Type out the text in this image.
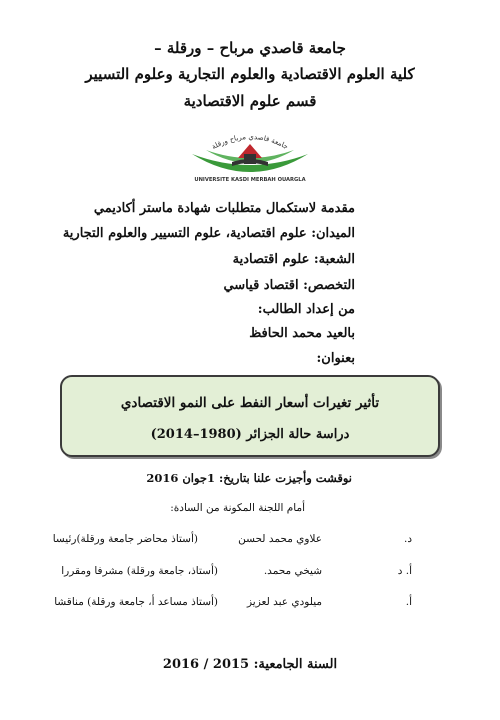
جامعة قاصدي مرباح – ورقلة –
كلية العلوم الاقتصادية والعلوم التجارية وعلوم التسيير
قسم علوم الاقتصادية
جامعة قاصدي مرباح ورقلة
UNIVERSITE KASDI MERBAH OUARGLA
مقدمة لاستكمال متطلبات شهادة ماستر أكاديمي
الميدان: علوم اقتصادية، علوم التسيير والعلوم التجارية
الشعبة: علوم اقتصادية
التخصص: اقتصاد قياسي
من إعداد الطالب:
بالعيد محمد الحافظ
بعنوان:
تأثير تغيرات أسعار النفط على النمو الاقتصادي
دراسة حالة الجزائر (1980–2014)
نوقشت وأجيزت علنا بتاريخ: 1جوان 2016
أمام اللجنة المكونة من السادة:
د.
علاوي محمد لحسن
(أستاذ محاضر جامعة ورقلة)رئيسا
أ. د
شيخي محمد.
(أستاذ، جامعة ورقلة) مشرفا ومقررا
أ.
ميلودي عبد لعزيز
(أستاذ مساعد أ، جامعة ورقلة) مناقشا
السنة الجامعية: 2015 / 2016
